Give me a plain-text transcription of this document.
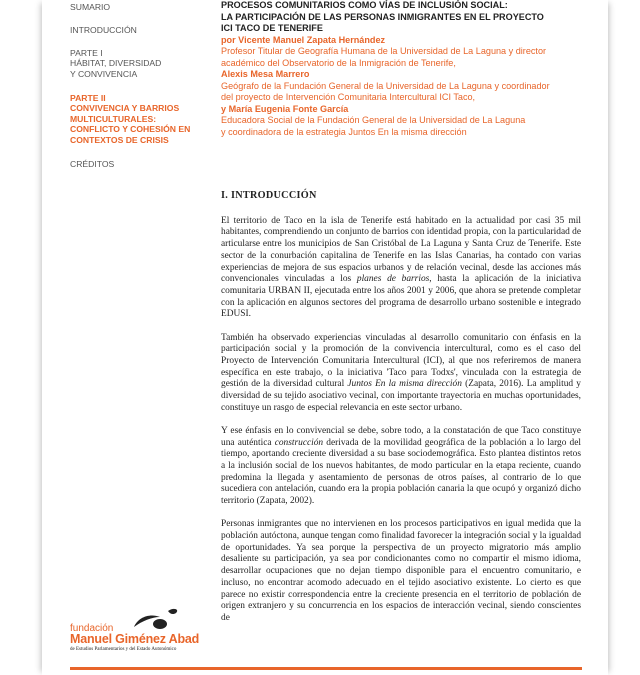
SUMARIO
INTRODUCCIÓN
PARTE I
HÁBITAT, DIVERSIDAD
Y CONVIVENCIA
PARTE II
CONVIVENCIA Y BARRIOS
MULTICULTURALES:
CONFLICTO Y COHESIÓN EN
CONTEXTOS DE CRISIS
CRÉDITOS
PROCESOS COMUNITARIOS COMO VÍAS DE INCLUSIÓN SOCIAL:
LA PARTICIPACIÓN DE LAS PERSONAS INMIGRANTES EN EL PROYECTO
ICI TACO DE TENERIFE
por Vicente Manuel Zapata Hernández
Profesor Titular de Geografía Humana de la Universidad de La Laguna y director
académico del Observatorio de la Inmigración de Tenerife,
Alexis Mesa Marrero
Geógrafo de la Fundación General de la Universidad de La Laguna y coordinador
del proyecto de Intervención Comunitaria Intercultural ICI Taco,
y María Eugenia Fonte García
Educadora Social de la Fundación General de la Universidad de La Laguna
y coordinadora de la estrategia Juntos En la misma dirección
I. INTRODUCCIÓN

El territorio de Taco en la isla de Tenerife está habitado en la actualidad por casi 35 mil habitantes, comprendiendo un conjunto de barrios con identidad propia, con la particularidad de articularse entre los municipios de San Cristóbal de La Laguna y Santa Cruz de Tenerife. Este sector de la conurbación capitalina de Tenerife en las Islas Canarias, ha contado con varias experiencias de mejora de sus espacios urbanos y de relación vecinal, desde las acciones más convencionales vinculadas a los planes de barrios, hasta la aplicación de la iniciativa comunitaria URBAN II, ejecutada entre los años 2001 y 2006, que ahora se pretende completar con la aplicación en algunos sectores del programa de desarrollo urbano sostenible e integrado EDUSI.

También ha observado experiencias vinculadas al desarrollo comunitario con énfasis en la participación social y la promoción de la convivencia intercultural, como es el caso del Proyecto de Intervención Comunitaria Intercultural (ICI), al que nos referiremos de manera específica en este trabajo, o la iniciativa 'Taco para Todxs', vinculada con la estrategia de gestión de la diversidad cultural Juntos En la misma dirección (Zapata, 2016). La amplitud y diversidad de su tejido asociativo vecinal, con importante trayectoria en muchas oportunidades, constituye un rasgo de especial relevancia en este sector urbano.

Y ese énfasis en lo convivencial se debe, sobre todo, a la constatación de que Taco constituye una auténtica construcción derivada de la movilidad geográfica de la población a lo largo del tiempo, aportando creciente diversidad a su base sociodemográfica. Esto plantea distintos retos a la inclusión social de los nuevos habitantes, de modo particular en la etapa reciente, cuando predomina la llegada y asentamiento de personas de otros países, al contrario de lo que sucediera con antelación, cuando era la propia población canaria la que ocupó y organizó dicho territorio (Zapata, 2002).

Personas inmigrantes que no intervienen en los procesos participativos en igual medida que la población autóctona, aunque tengan como finalidad favorecer la integración social y la igualdad de oportunidades. Ya sea porque la perspectiva de un proyecto migratorio más amplio desaliente su participación, ya sea por condicionantes como no compartir el mismo idioma, desarrollar ocupaciones que no dejan tiempo disponible para el encuentro comunitario, e incluso, no encontrar acomodo adecuado en el tejido asociativo existente. Lo cierto es que parece no existir correspondencia entre la creciente presencia en el territorio de población de origen extranjero y su concurrencia en los espacios de interacción vecinal, siendo conscientes de

fundación
Manuel Giménez Abad
de Estudios Parlamentarios y del Estado Autonómico
